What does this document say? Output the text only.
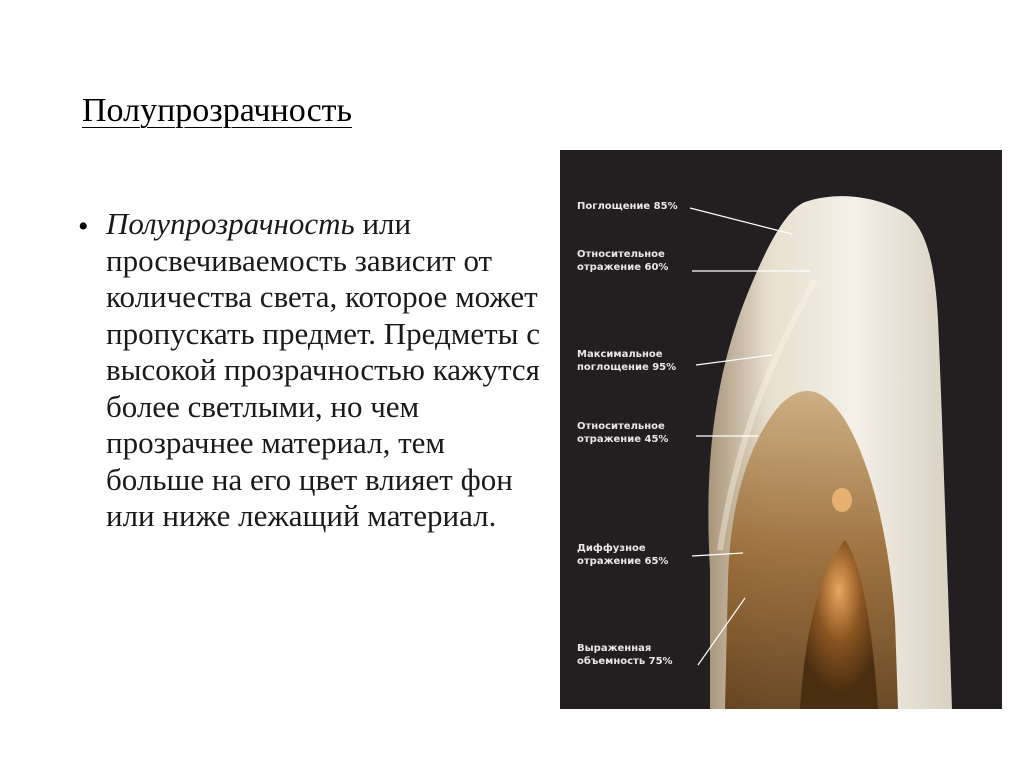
Полупрозрачность
• Полупрозрачность или просвечиваемость зависит от количества света, которое может пропускать предмет. Предметы с высокой прозрачностью кажутся более светлыми, но чем прозрачнее материал, тем больше на его цвет влияет фон или ниже лежащий материал.
Поглощение 85%
Относительное
отражение 60%
Максимальное
поглощение 95%
Относительное
отражение 45%
Диффузное
отражение 65%
Выраженная
объемность 75%
